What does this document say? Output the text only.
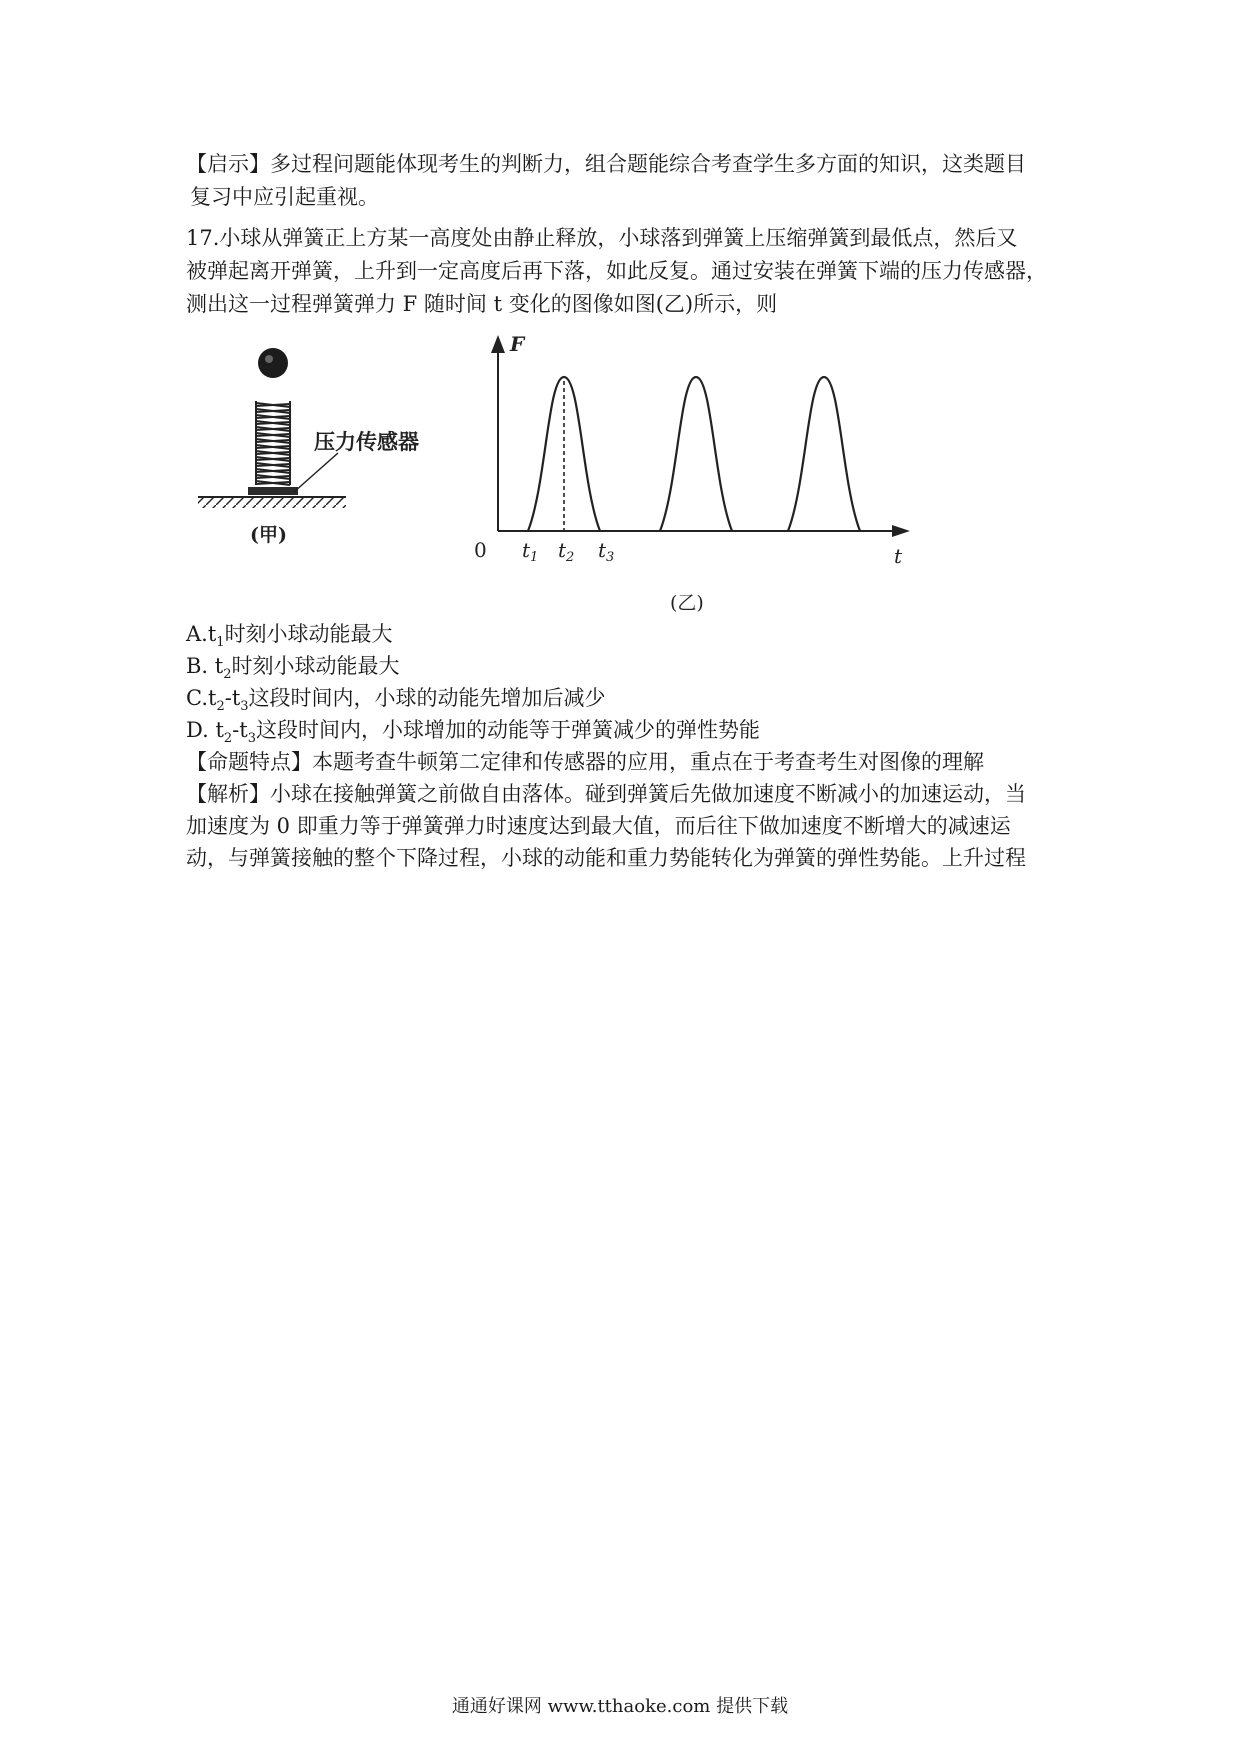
【启示】多过程问题能体现考生的判断力，组合题能综合考查学生多方面的知识，这类题目
复习中应引起重视。
17.小球从弹簧正上方某一高度处由静止释放，小球落到弹簧上压缩弹簧到最低点，然后又
被弹起离开弹簧，上升到一定高度后再下落，如此反复。通过安装在弹簧下端的压力传感器，
测出这一过程弹簧弹力 F 随时间 t 变化的图像如图(乙)所示，则
压力传感器
(甲)
F
0	t
$t_1$ $t_2$ $t_3$
(乙)
$A.t_1$时刻小球动能最大
B. $t_2$时刻小球动能最大
$C.t_2-t_3$这段时间内，小球的动能先增加后减少
D. $t_2-t_3$这段时间内，小球增加的动能等于弹簧减少的弹性势能
【命题特点】本题考查牛顿第二定律和传感器的应用，重点在于考查考生对图像的理解
【解析】小球在接触弹簧之前做自由落体。碰到弹簧后先做加速度不断减小的加速运动，当
加速度为 0 即重力等于弹簧弹力时速度达到最大值，而后往下做加速度不断增大的减速运
动，与弹簧接触的整个下降过程，小球的动能和重力势能转化为弹簧的弹性势能。上升过程
通通好课网 www.tthaoke.com 提供下载
